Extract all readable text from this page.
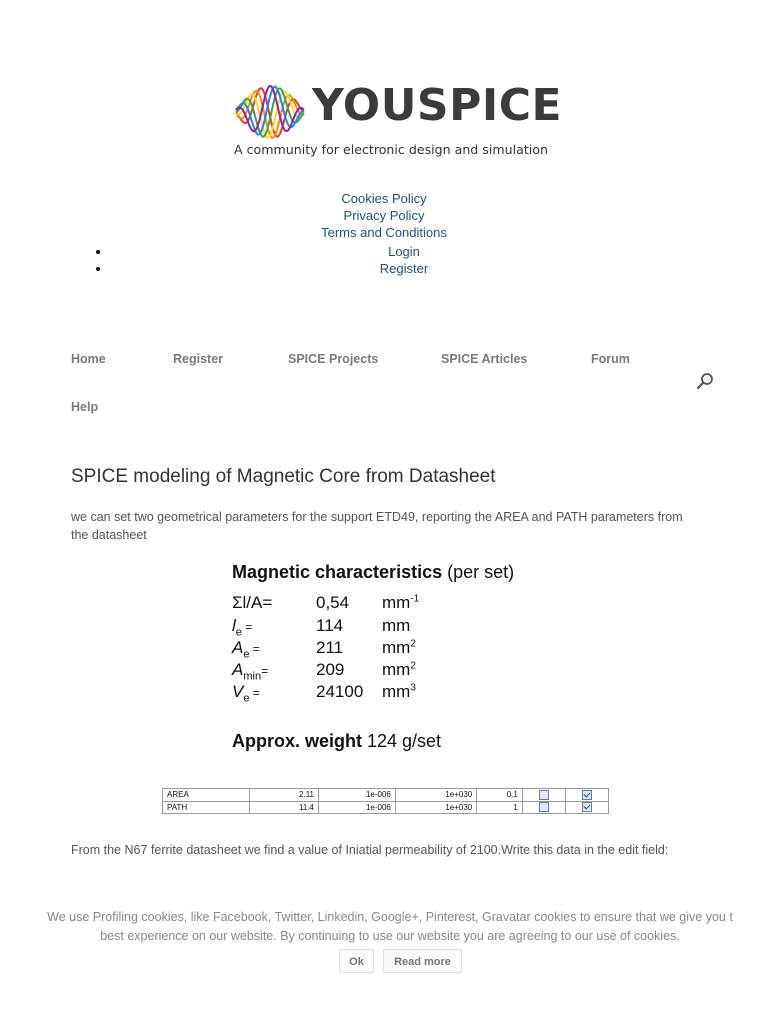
YOUSPICE
A community for electronic design and simulation
Cookies Policy
Privacy Policy
Terms and Conditions
Login
Register
Home	Register	SPICE Projects	SPICE Articles	Forum
Help
SPICE modeling of Magnetic Core from Datasheet

we can set two geometrical parameters for the support ETD49, reporting the AREA and PATH parameters from the datasheet

Magnetic characteristics (per set)
Σl/A=	0,54	$mm^{-1}$
$l_e$ =	114	mm
$A_e$ =	211	$mm^2$
$A_{min}=$	209	$mm^2$
$V_e$ =	24100	$mm^3$
Approx. weight 124 g/set
AREA	2.11	1e-006	1e+030	0.1		
PATH	11.4	1e-006	1e+030	1		

From the N67 ferrite datasheet we find a value of Iniatial permeability of 2100.Write this data in the edit field:

We use Profiling cookies, like Facebook, Twitter, Linkedin, Google+, Pinterest, Gravatar cookies to ensure that we give you t best experience on our website. By continuing to use our website you are agreeing to our use of cookies.
Ok	Read more
